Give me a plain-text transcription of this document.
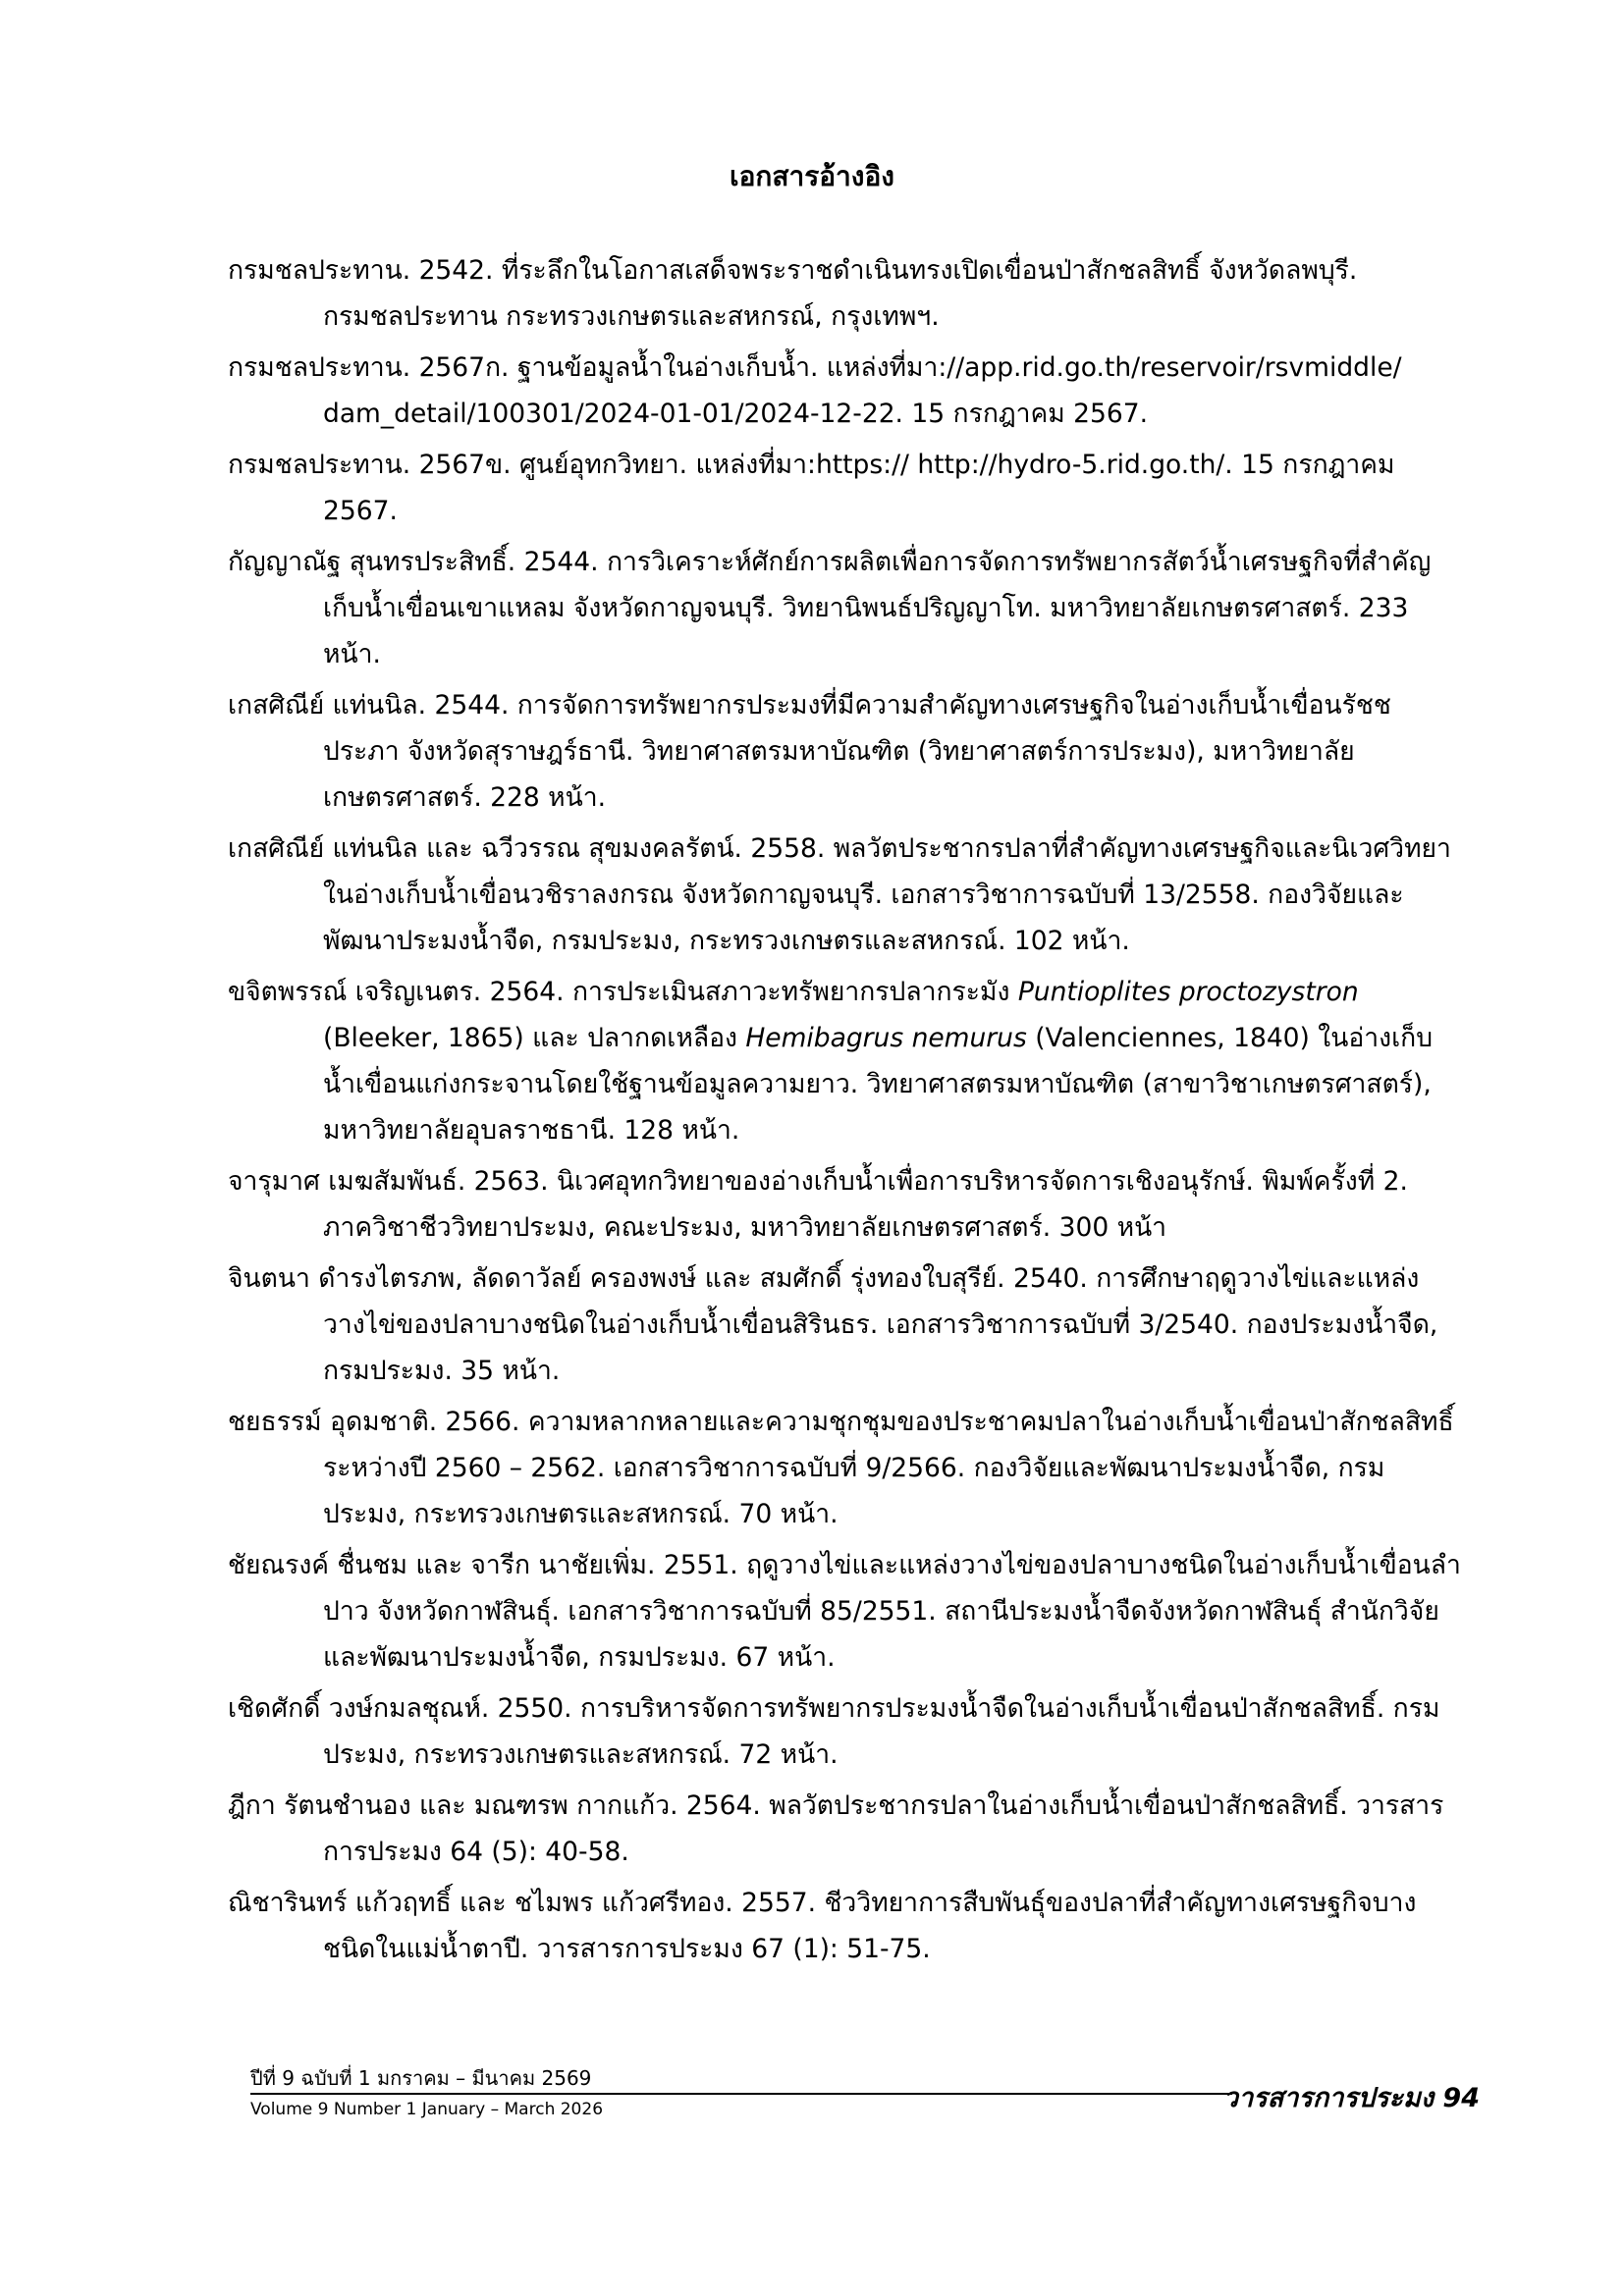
เอกสารอ้างอิง
กรมชลประทาน. 2542. ที่ระลึกในโอกาสเสด็จพระราชดำเนินทรงเปิดเขื่อนป่าสักชลสิทธิ์ จังหวัดลพบุรี. กรมชลประทาน กระทรวงเกษตรและสหกรณ์, กรุงเทพฯ.
กรมชลประทาน. 2567ก. ฐานข้อมูลน้ำในอ่างเก็บน้ำ. แหล่งที่มา://app.rid.go.th/reservoir/rsvmiddle/ dam_detail/100301/2024-01-01/2024-12-22. 15 กรกฎาคม 2567.
กรมชลประทาน. 2567ข. ศูนย์อุทกวิทยา. แหล่งที่มา:https:// http://hydro-5.rid.go.th/. 15 กรกฎาคม 2567.
กัญญาณัฐ สุนทรประสิทธิ์. 2544. การวิเคราะห์ศักย์การผลิตเพื่อการจัดการทรัพยากรสัตว์น้ำเศรษฐกิจที่สำคัญเก็บน้ำเขื่อนเขาแหลม จังหวัดกาญจนบุรี. วิทยานิพนธ์ปริญญาโท. มหาวิทยาลัยเกษตรศาสตร์. 233 หน้า.
เกสศิณีย์ แท่นนิล. 2544. การจัดการทรัพยากรประมงที่มีความสำคัญทางเศรษฐกิจในอ่างเก็บน้ำเขื่อนรัชชประภา จังหวัดสุราษฎร์ธานี. วิทยาศาสตรมหาบัณฑิต (วิทยาศาสตร์การประมง), มหาวิทยาลัยเกษตรศาสตร์. 228 หน้า.
เกสศิณีย์ แท่นนิล และ ฉวีวรรณ สุขมงคลรัตน์. 2558. พลวัตประชากรปลาที่สำคัญทางเศรษฐกิจและนิเวศวิทยาในอ่างเก็บน้ำเขื่อนวชิราลงกรณ จังหวัดกาญจนบุรี. เอกสารวิชาการฉบับที่ 13/2558. กองวิจัยและพัฒนาประมงน้ำจืด, กรมประมง, กระทรวงเกษตรและสหกรณ์. 102 หน้า.
ขจิตพรรณ์ เจริญเนตร. 2564. การประเมินสภาวะทรัพยากรปลากระมัง Puntioplites proctozystron (Bleeker, 1865) และ ปลากดเหลือง Hemibagrus nemurus (Valenciennes, 1840) ในอ่างเก็บน้ำเขื่อนแก่งกระจานโดยใช้ฐานข้อมูลความยาว. วิทยาศาสตรมหาบัณฑิต (สาขาวิชาเกษตรศาสตร์), มหาวิทยาลัยอุบลราชธานี. 128 หน้า.
จารุมาศ เมฆสัมพันธ์. 2563. นิเวศอุทกวิทยาของอ่างเก็บน้ำเพื่อการบริหารจัดการเชิงอนุรักษ์. พิมพ์ครั้งที่ 2. ภาควิชาชีววิทยาประมง, คณะประมง, มหาวิทยาลัยเกษตรศาสตร์. 300 หน้า
จินตนา ดำรงไตรภพ, ลัดดาวัลย์ ครองพงษ์ และ สมศักดิ์ รุ่งทองใบสุรีย์. 2540. การศึกษาฤดูวางไข่และแหล่งวางไข่ของปลาบางชนิดในอ่างเก็บน้ำเขื่อนสิรินธร. เอกสารวิชาการฉบับที่ 3/2540. กองประมงน้ำจืด, กรมประมง. 35 หน้า.
ชยธรรม์ อุดมชาติ. 2566. ความหลากหลายและความชุกชุมของประชาคมปลาในอ่างเก็บน้ำเขื่อนป่าสักชลสิทธิ์ ระหว่างปี 2560 – 2562. เอกสารวิชาการฉบับที่ 9/2566. กองวิจัยและพัฒนาประมงน้ำจืด, กรมประมง, กระทรวงเกษตรและสหกรณ์. 70 หน้า.
ชัยณรงค์ ชื่นชม และ จารีก นาชัยเพิ่ม. 2551. ฤดูวางไข่และแหล่งวางไข่ของปลาบางชนิดในอ่างเก็บน้ำเขื่อนลำปาว จังหวัดกาฬสินธุ์. เอกสารวิชาการฉบับที่ 85/2551. สถานีประมงน้ำจืดจังหวัดกาฬสินธุ์ สำนักวิจัยและพัฒนาประมงน้ำจืด, กรมประมง. 67 หน้า.
เชิดศักดิ์ วงษ์กมลชุณห์. 2550. การบริหารจัดการทรัพยากรประมงน้ำจืดในอ่างเก็บน้ำเขื่อนป่าสักชลสิทธิ์. กรมประมง, กระทรวงเกษตรและสหกรณ์. 72 หน้า.
ฎีกา รัตนชำนอง และ มณฑรพ กากแก้ว. 2564. พลวัตประชากรปลาในอ่างเก็บน้ำเขื่อนป่าสักชลสิทธิ์. วารสารการประมง 64 (5): 40-58.
ณิชารินทร์ แก้วฤทธิ์ และ ชไมพร แก้วศรีทอง. 2557. ชีววิทยาการสืบพันธุ์ของปลาที่สำคัญทางเศรษฐกิจบางชนิดในแม่น้ำตาปี. วารสารการประมง 67 (1): 51-75.
ปีที่ 9 ฉบับที่ 1 มกราคม – มีนาคม 2569
Volume 9 Number 1 January – March 2026	วารสารการประมง 94
